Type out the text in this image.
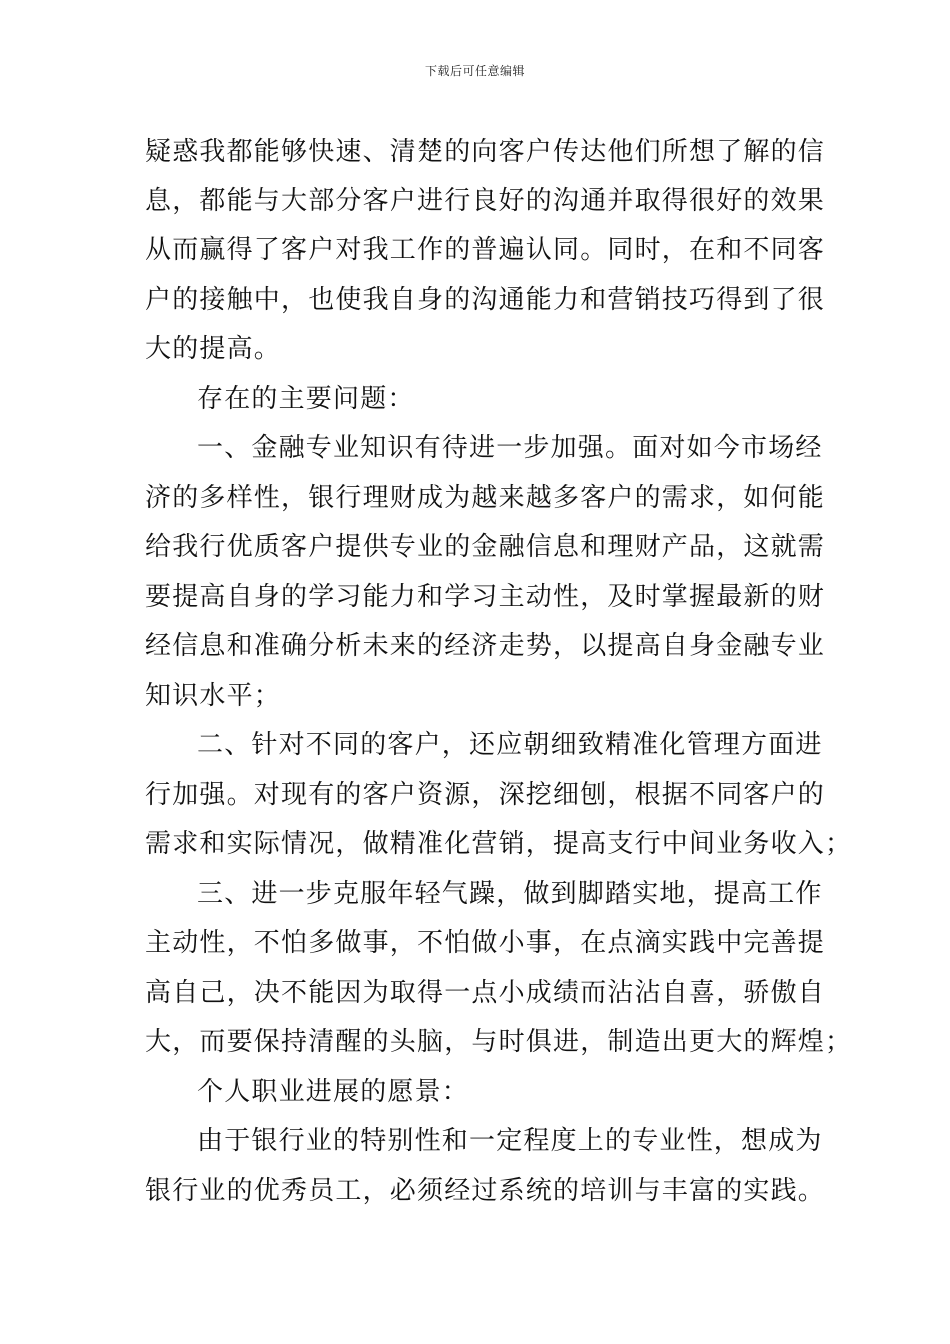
下载后可任意编辑
疑惑我都能够快速、清楚的向客户传达他们所想了解的信
息，都能与大部分客户进行良好的沟通并取得很好的效果
从而赢得了客户对我工作的普遍认同。同时，在和不同客
户的接触中，也使我自身的沟通能力和营销技巧得到了很
大的提高。
存在的主要问题：
一、金融专业知识有待进一步加强。面对如今市场经
济的多样性，银行理财成为越来越多客户的需求，如何能
给我行优质客户提供专业的金融信息和理财产品，这就需
要提高自身的学习能力和学习主动性，及时掌握最新的财
经信息和准确分析未来的经济走势，以提高自身金融专业
知识水平；
二、针对不同的客户，还应朝细致精准化管理方面进
行加强。对现有的客户资源，深挖细刨，根据不同客户的
需求和实际情况，做精准化营销，提高支行中间业务收入；
三、进一步克服年轻气躁，做到脚踏实地，提高工作
主动性，不怕多做事，不怕做小事，在点滴实践中完善提
高自己，决不能因为取得一点小成绩而沾沾自喜，骄傲自
大，而要保持清醒的头脑，与时俱进，制造出更大的辉煌；
个人职业进展的愿景：
由于银行业的特别性和一定程度上的专业性，想成为
银行业的优秀员工，必须经过系统的培训与丰富的实践。
